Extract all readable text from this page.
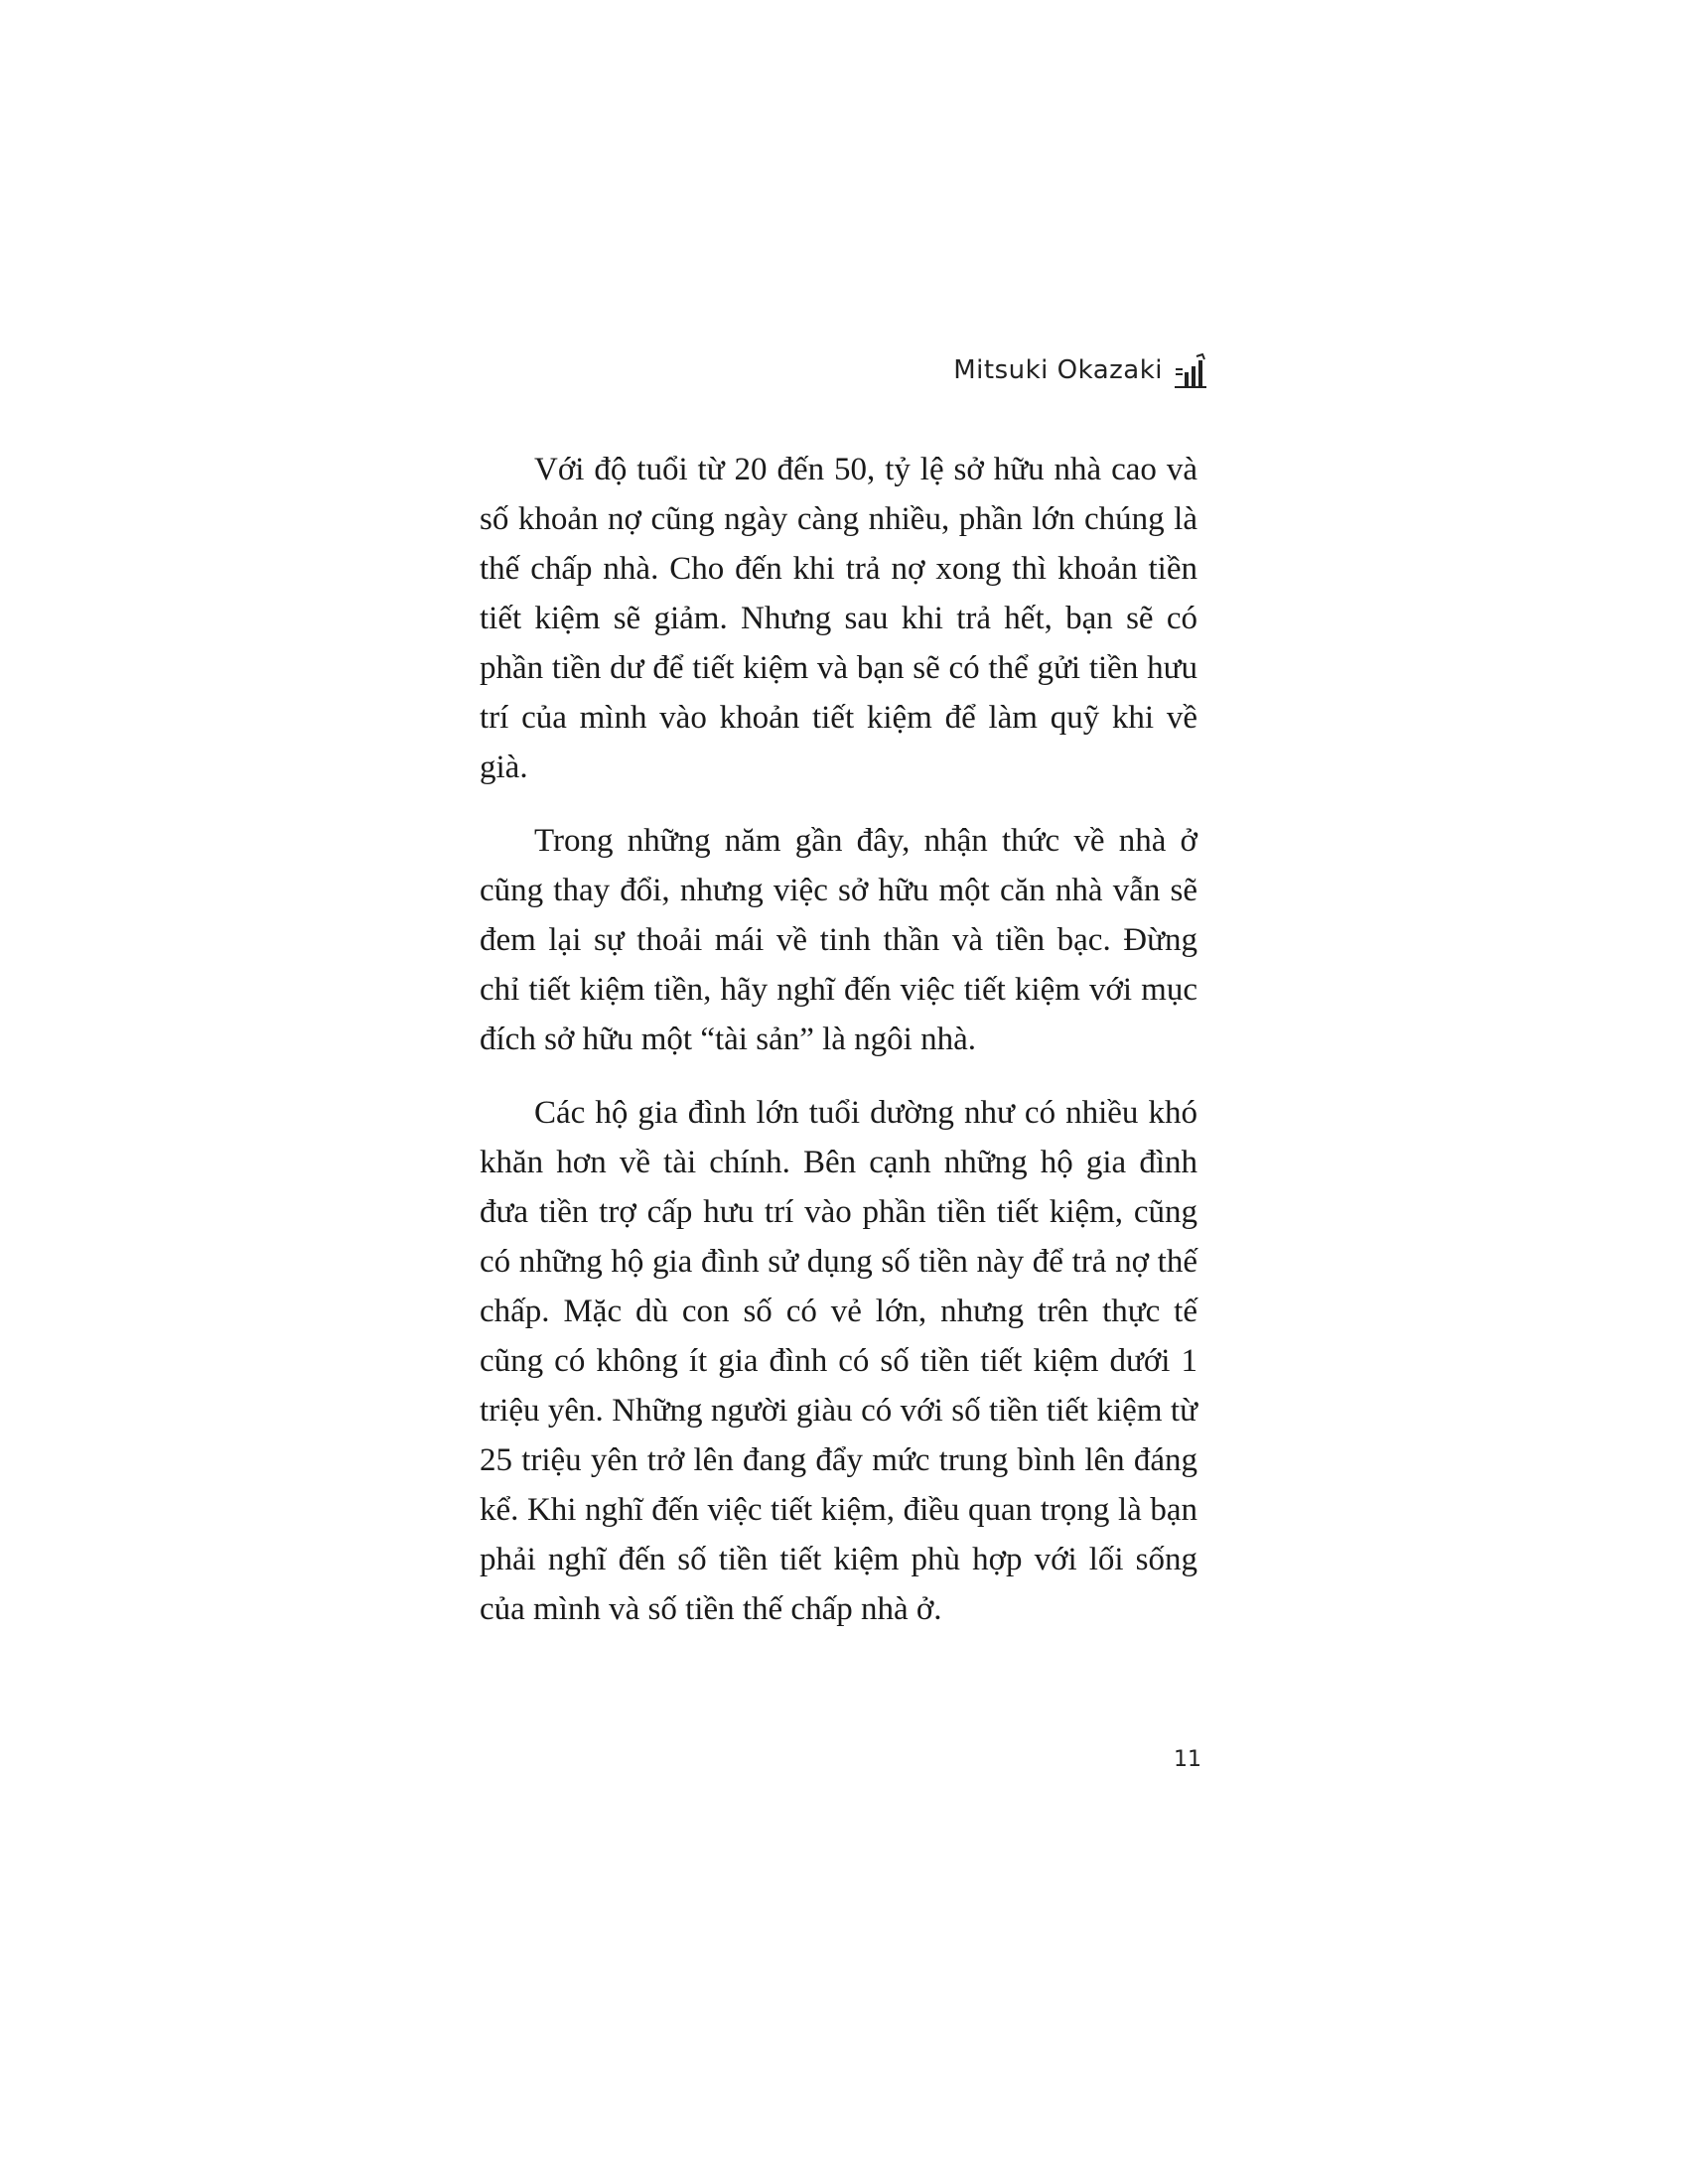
Mitsuki Okazaki

Với độ tuổi từ 20 đến 50, tỷ lệ sở hữu nhà cao và số khoản nợ cũng ngày càng nhiều, phần lớn chúng là thế chấp nhà. Cho đến khi trả nợ xong thì khoản tiền tiết kiệm sẽ giảm. Nhưng sau khi trả hết, bạn sẽ có phần tiền dư để tiết kiệm và bạn sẽ có thể gửi tiền hưu trí của mình vào khoản tiết kiệm để làm quỹ khi về già.

Trong những năm gần đây, nhận thức về nhà ở cũng thay đổi, nhưng việc sở hữu một căn nhà vẫn sẽ đem lại sự thoải mái về tinh thần và tiền bạc. Đừng chỉ tiết kiệm tiền, hãy nghĩ đến việc tiết kiệm với mục đích sở hữu một “tài sản” là ngôi nhà.

Các hộ gia đình lớn tuổi dường như có nhiều khó khăn hơn về tài chính. Bên cạnh những hộ gia đình đưa tiền trợ cấp hưu trí vào phần tiền tiết kiệm, cũng có những hộ gia đình sử dụng số tiền này để trả nợ thế chấp. Mặc dù con số có vẻ lớn, nhưng trên thực tế cũng có không ít gia đình có số tiền tiết kiệm dưới 1 triệu yên. Những người giàu có với số tiền tiết kiệm từ 25 triệu yên trở lên đang đẩy mức trung bình lên đáng kể. Khi nghĩ đến việc tiết kiệm, điều quan trọng là bạn phải nghĩ đến số tiền tiết kiệm phù hợp với lối sống của mình và số tiền thế chấp nhà ở.

11
